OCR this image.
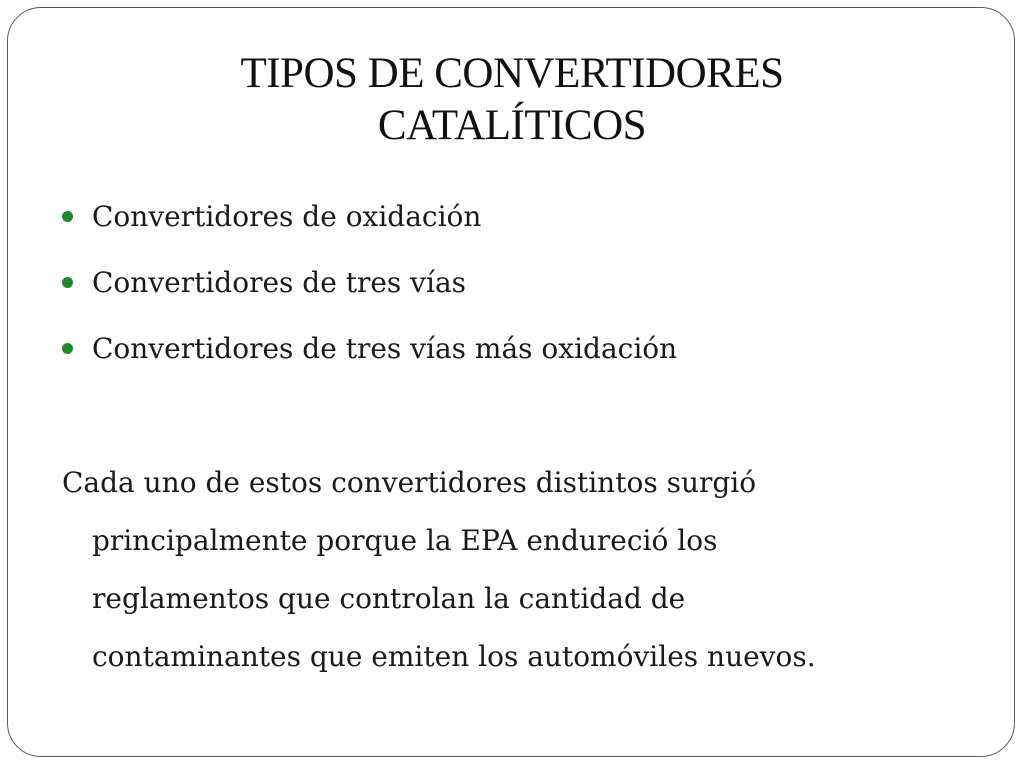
TIPOS DE CONVERTIDORES
CATALÍTICOS
Convertidores de oxidación
Convertidores de tres vías
Convertidores de tres vías más oxidación
Cada uno de estos convertidores distintos surgió
principalmente porque la EPA endureció los
reglamentos que controlan la cantidad de
contaminantes que emiten los automóviles nuevos.
